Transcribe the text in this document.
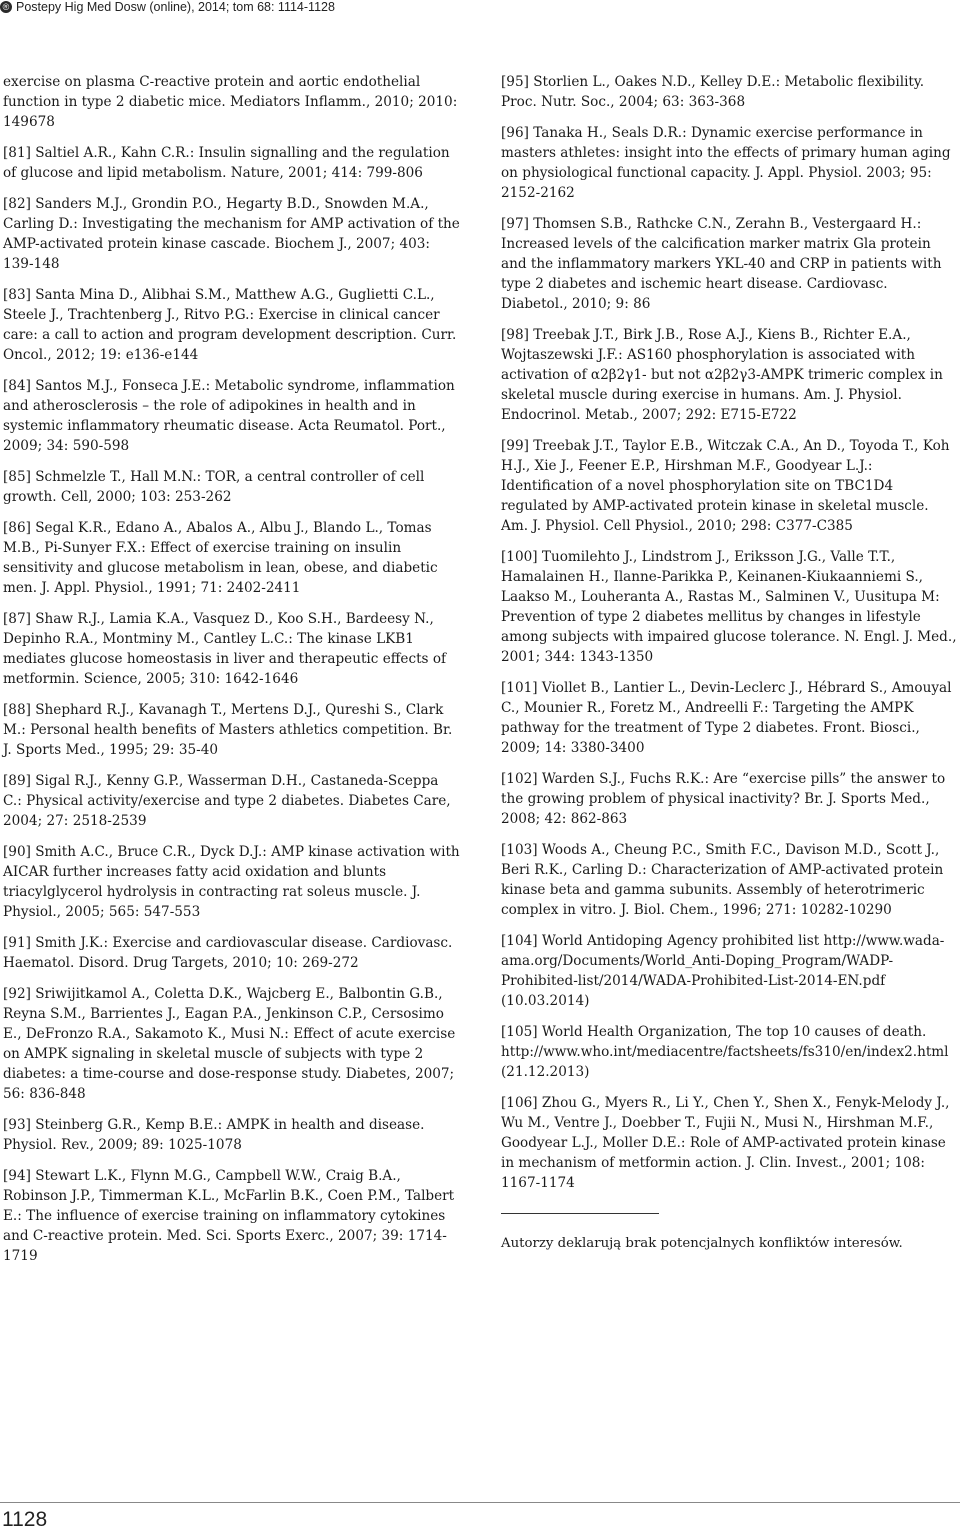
® Postepy Hig Med Dosw (online), 2014; tom 68: 1114-1128

exercise on plasma C-reactive protein and aortic endothelial function in type 2 diabetic mice. Mediators Inflamm., 2010; 2010: 149678

[81] Saltiel A.R., Kahn C.R.: Insulin signalling and the regulation of glucose and lipid metabolism. Nature, 2001; 414: 799-806

[82] Sanders M.J., Grondin P.O., Hegarty B.D., Snowden M.A., Carling D.: Investigating the mechanism for AMP activation of the AMP-activated protein kinase cascade. Biochem J., 2007; 403: 139-148

[83] Santa Mina D., Alibhai S.M., Matthew A.G., Guglietti C.L., Steele J., Trachtenberg J., Ritvo P.G.: Exercise in clinical cancer care: a call to action and program development description. Curr. Oncol., 2012; 19: e136-e144

[84] Santos M.J., Fonseca J.E.: Metabolic syndrome, inflammation and atherosclerosis – the role of adipokines in health and in systemic inflammatory rheumatic disease. Acta Reumatol. Port., 2009; 34: 590-598

[85] Schmelzle T., Hall M.N.: TOR, a central controller of cell growth. Cell, 2000; 103: 253-262

[86] Segal K.R., Edano A., Abalos A., Albu J., Blando L., Tomas M.B., Pi-Sunyer F.X.: Effect of exercise training on insulin sensitivity and glucose metabolism in lean, obese, and diabetic men. J. Appl. Physiol., 1991; 71: 2402-2411

[87] Shaw R.J., Lamia K.A., Vasquez D., Koo S.H., Bardeesy N., Depinho R.A., Montminy M., Cantley L.C.: The kinase LKB1 mediates glucose homeostasis in liver and therapeutic effects of metformin. Science, 2005; 310: 1642-1646

[88] Shephard R.J., Kavanagh T., Mertens D.J., Qureshi S., Clark M.: Personal health benefits of Masters athletics competition. Br. J. Sports Med., 1995; 29: 35-40

[89] Sigal R.J., Kenny G.P., Wasserman D.H., Castaneda-Sceppa C.: Physical activity/exercise and type 2 diabetes. Diabetes Care, 2004; 27: 2518-2539

[90] Smith A.C., Bruce C.R., Dyck D.J.: AMP kinase activation with AICAR further increases fatty acid oxidation and blunts triacylglycerol hydrolysis in contracting rat soleus muscle. J. Physiol., 2005; 565: 547-553

[91] Smith J.K.: Exercise and cardiovascular disease. Cardiovasc. Haematol. Disord. Drug Targets, 2010; 10: 269-272

[92] Sriwijitkamol A., Coletta D.K., Wajcberg E., Balbontin G.B., Reyna S.M., Barrientes J., Eagan P.A., Jenkinson C.P., Cersosimo E., DeFronzo R.A., Sakamoto K., Musi N.: Effect of acute exercise on AMPK signaling in skeletal muscle of subjects with type 2 diabetes: a time-course and dose-response study. Diabetes, 2007; 56: 836-848

[93] Steinberg G.R., Kemp B.E.: AMPK in health and disease. Physiol. Rev., 2009; 89: 1025-1078

[94] Stewart L.K., Flynn M.G., Campbell W.W., Craig B.A., Robinson J.P., Timmerman K.L., McFarlin B.K., Coen P.M., Talbert E.: The influence of exercise training on inflammatory cytokines and C-reactive protein. Med. Sci. Sports Exerc., 2007; 39: 1714-1719

[95] Storlien L., Oakes N.D., Kelley D.E.: Metabolic flexibility. Proc. Nutr. Soc., 2004; 63: 363-368

[96] Tanaka H., Seals D.R.: Dynamic exercise performance in masters athletes: insight into the effects of primary human aging on physiological functional capacity. J. Appl. Physiol. 2003; 95: 2152-2162

[97] Thomsen S.B., Rathcke C.N., Zerahn B., Vestergaard H.: Increased levels of the calcification marker matrix Gla protein and the inflammatory markers YKL-40 and CRP in patients with type 2 diabetes and ischemic heart disease. Cardiovasc. Diabetol., 2010; 9: 86

[98] Treebak J.T., Birk J.B., Rose A.J., Kiens B., Richter E.A., Wojtaszewski J.F.: AS160 phosphorylation is associated with activation of α2β2γ1- but not α2β2γ3-AMPK trimeric complex in skeletal muscle during exercise in humans. Am. J. Physiol. Endocrinol. Metab., 2007; 292: E715-E722

[99] Treebak J.T., Taylor E.B., Witczak C.A., An D., Toyoda T., Koh H.J., Xie J., Feener E.P., Hirshman M.F., Goodyear L.J.: Identification of a novel phosphorylation site on TBC1D4 regulated by AMP-activated protein kinase in skeletal muscle. Am. J. Physiol. Cell Physiol., 2010; 298: C377-C385

[100] Tuomilehto J., Lindstrom J., Eriksson J.G., Valle T.T., Hamalainen H., Ilanne-Parikka P., Keinanen-Kiukaanniemi S., Laakso M., Louheranta A., Rastas M., Salminen V., Uusitupa M: Prevention of type 2 diabetes mellitus by changes in lifestyle among subjects with impaired glucose tolerance. N. Engl. J. Med., 2001; 344: 1343-1350

[101] Viollet B., Lantier L., Devin-Leclerc J., Hébrard S., Amouyal C., Mounier R., Foretz M., Andreelli F.: Targeting the AMPK pathway for the treatment of Type 2 diabetes. Front. Biosci., 2009; 14: 3380-3400

[102] Warden S.J., Fuchs R.K.: Are “exercise pills” the answer to the growing problem of physical inactivity? Br. J. Sports Med., 2008; 42: 862-863

[103] Woods A., Cheung P.C., Smith F.C., Davison M.D., Scott J., Beri R.K., Carling D.: Characterization of AMP-activated protein kinase beta and gamma subunits. Assembly of heterotrimeric complex in vitro. J. Biol. Chem., 1996; 271: 10282-10290

[104] World Antidoping Agency prohibited list http://www.wada-ama.org/Documents/World_Anti-Doping_Program/WADP-Prohibited-list/2014/WADA-Prohibited-List-2014-EN.pdf (10.03.2014)

[105] World Health Organization, The top 10 causes of death. http://www.who.int/mediacentre/factsheets/fs310/en/index2.html (21.12.2013)

[106] Zhou G., Myers R., Li Y., Chen Y., Shen X., Fenyk-Melody J., Wu M., Ventre J., Doebber T., Fujii N., Musi N., Hirshman M.F., Goodyear L.J., Moller D.E.: Role of AMP-activated protein kinase in mechanism of metformin action. J. Clin. Invest., 2001; 108: 1167-1174

Autorzy deklarują brak potencjalnych konfliktów interesów.

1128
